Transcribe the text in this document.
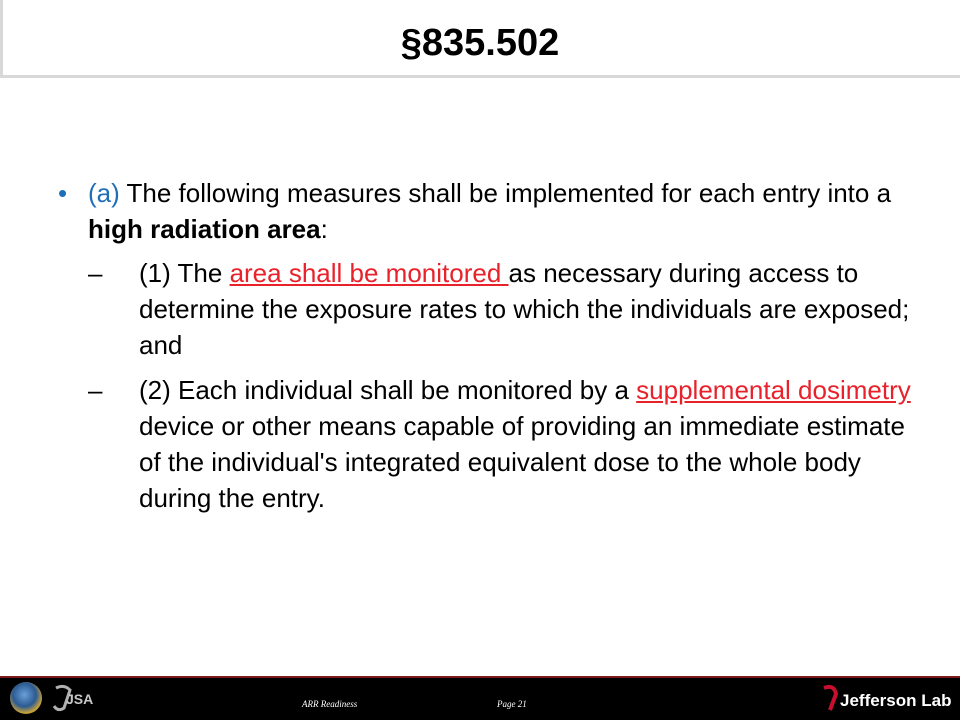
§835.502
• (a) The following measures shall be implemented for each entry into a high radiation area:
– (1) The area shall be monitored as necessary during access to determine the exposure rates to which the individuals are exposed; and
– (2) Each individual shall be monitored by a supplemental dosimetry device or other means capable of providing an immediate estimate of the individual's integrated equivalent dose to the whole body during the entry.
JSA	ARR Readiness	Page 21	Jefferson Lab
